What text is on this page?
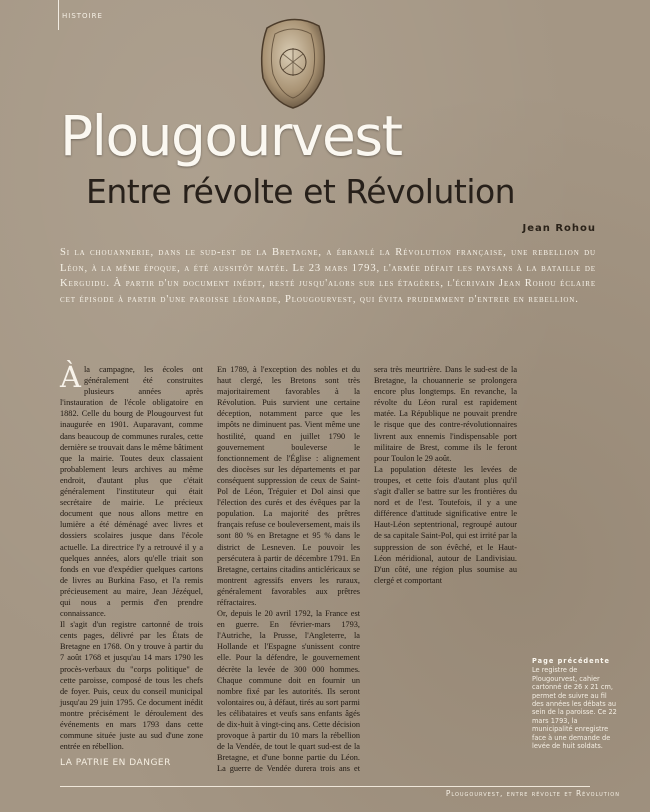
HISTOIRE
Plougourvest
Entre révolte et Révolution
Jean Rohou

Si la chouannerie, dans le sud-est de la Bretagne, a ébranlé la Révolution française, une rebellion du Léon, à la même époque, a été aussitôt matée. Le 23 mars 1793, l'armée défait les paysans à la bataille de Kerguidu. À partir d'un document inédit, resté jusqu'alors sur les étagères, l'écrivain Jean Rohou éclaire cet épisode à partir d'une paroisse léonarde, Plougourvest, qui évita prudemment d'entrer en rebellion.

Àla campagne, les écoles ont généralement été construites plusieurs années après l'instauration de l'école obligatoire en 1882. Celle du bourg de Plougourvest fut inaugurée en 1901. Auparavant, comme dans beaucoup de communes rurales, cette dernière se trouvait dans le même bâtiment que la mairie. Toutes deux classaient probablement leurs archives au même endroit, d'autant plus que c'était généralement l'instituteur qui était secrétaire de mairie. Le précieux document que nous allons mettre en lumière a été déménagé avec livres et dossiers scolaires jusque dans l'école actuelle. La directrice l'y a retrouvé il y a quelques années, alors qu'elle triait son fonds en vue d'expédier quelques cartons de livres au Burkina Faso, et l'a remis précieusement au maire, Jean Jézéquel, qui nous a permis d'en prendre connaissance.

Il s'agit d'un registre cartonné de trois cents pages, délivré par les États de Bretagne en 1768. On y trouve à partir du 7 août 1768 et jusqu'au 14 mars 1790 les procès-verbaux du "corps politique" de cette paroisse, composé de tous les chefs de foyer. Puis, ceux du conseil municipal jusqu'au 29 juin 1795. Ce document inédit montre précisément le déroulement des événements en mars 1793 dans cette commune située juste au sud d'une zone entrée en rébellion.

LA PATRIE EN DANGER

En 1789, à l'exception des nobles et du haut clergé, les Bretons sont très majoritairement favorables à la Révolution. Puis survient une certaine déception, notamment parce que les impôts ne diminuent pas. Vient même une hostilité, quand en juillet 1790 le gouvernement bouleverse le fonctionnement de l'Église : alignement des diocèses sur les départements et par conséquent suppression de ceux de Saint-Pol de Léon, Tréguier et Dol ainsi que l'élection des curés et des évêques par la population. La majorité des prêtres français refuse ce bouleversement, mais ils sont 80 % en Bretagne et 95 % dans le district de Lesneven. Le pouvoir les persécutera à partir de décembre 1791. En Bretagne, certains citadins anticléricaux se montrent agressifs envers les ruraux, généralement favorables aux prêtres réfractaires.

Or, depuis le 20 avril 1792, la France est en guerre. En février-mars 1793, l'Autriche, la Prusse, l'Angleterre, la Hollande et l'Espagne s'unissent contre elle. Pour la défendre, le gouvernement décrète la levée de 300 000 hommes. Chaque commune doit en fournir un nombre fixé par les autorités. Ils seront volontaires ou, à défaut, tirés au sort parmi les célibataires et veufs sans enfants âgés de dix-huit à vingt-cinq ans. Cette décision provoque à partir du 10 mars la rébellion de la Vendée, de tout le quart sud-est de la Bretagne, et d'une bonne partie du Léon. La guerre de Vendée durera trois ans et sera très meurtrière. Dans le sud-est de la Bretagne, la chouannerie se prolongera encore plus longtemps. En revanche, la révolte du Léon rural est rapidement matée. La République ne pouvait prendre le risque que des contre-révolutionnaires livrent aux ennemis l'indispensable port militaire de Brest, comme ils le feront pour Toulon le 29 août.

La population déteste les levées de troupes, et cette fois d'autant plus qu'il s'agit d'aller se battre sur les frontières du nord et de l'est. Toutefois, il y a une différence d'attitude significative entre le Haut-Léon septentrional, regroupé autour de sa capitale Saint-Pol, qui est irrité par la suppression de son évêché, et le Haut-Léon méridional, autour de Landivisiau. D'un côté, une région plus soumise au clergé et comportant

Page précédente
Le registre de Plougourvest, cahier cartonné de 26 x 21 cm, permet de suivre au fil des années les débats au sein de la paroisse. Ce 22 mars 1793, la municipalité enregistre face à une demande de levée de huit soldats.
Plougourvest, entre révolte et Révolution
